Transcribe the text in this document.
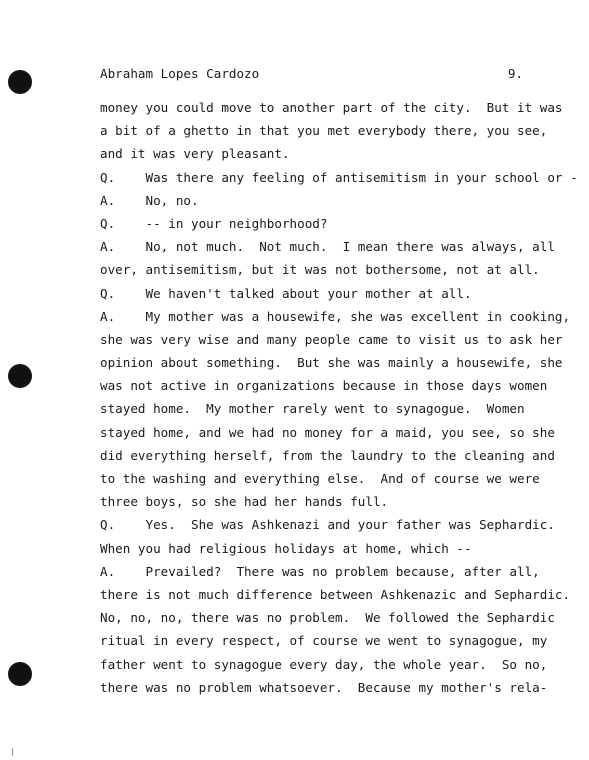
Abraham Lopes Cardozo	9.
money you could move to another part of the city.  But it was
a bit of a ghetto in that you met everybody there, you see,
and it was very pleasant.
Q.    Was there any feeling of antisemitism in your school or -
A.    No, no.
Q.    -- in your neighborhood?
A.    No, not much.  Not much.  I mean there was always, all
over, antisemitism, but it was not bothersome, not at all.
Q.    We haven't talked about your mother at all.
A.    My mother was a housewife, she was excellent in cooking,
she was very wise and many people came to visit us to ask her
opinion about something.  But she was mainly a housewife, she
was not active in organizations because in those days women
stayed home.  My mother rarely went to synagogue.  Women
stayed home, and we had no money for a maid, you see, so she
did everything herself, from the laundry to the cleaning and
to the washing and everything else.  And of course we were
three boys, so she had her hands full.
Q.    Yes.  She was Ashkenazi and your father was Sephardic.
When you had religious holidays at home, which --
A.    Prevailed?  There was no problem because, after all,
there is not much difference between Ashkenazic and Sephardic.
No, no, no, there was no problem.  We followed the Sephardic
ritual in every respect, of course we went to synagogue, my
father went to synagogue every day, the whole year.  So no,
there was no problem whatsoever.  Because my mother's rela-
